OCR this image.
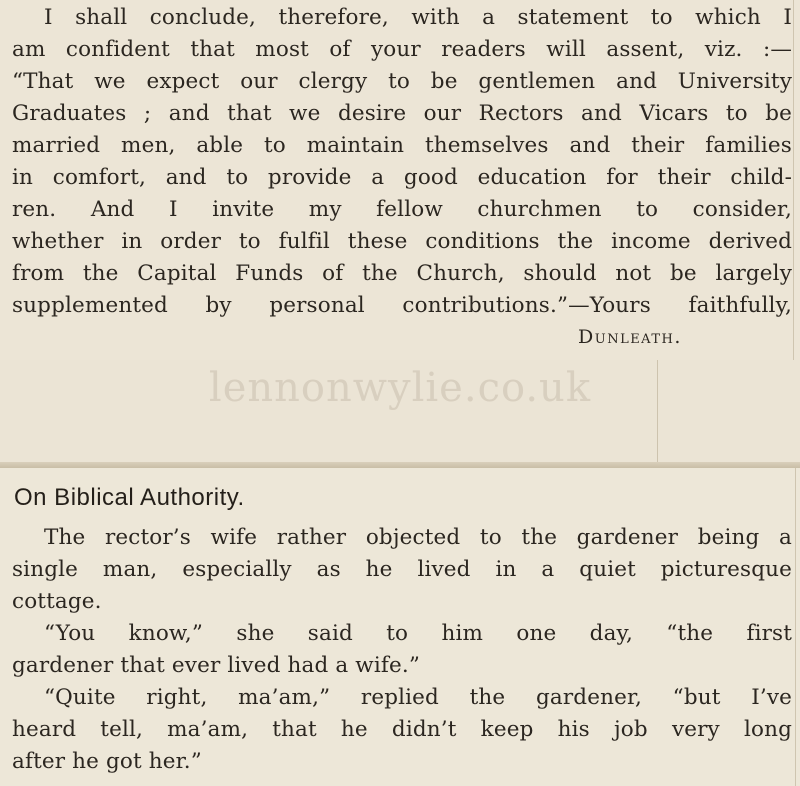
I shall conclude, therefore, with a statement to which I
am confident that most of your readers will assent, viz. :—
“That we expect our clergy to be gentlemen and University
Graduates ; and that we desire our Rectors and Vicars to be
married men, able to maintain themselves and their families
in comfort, and to provide a good education for their child-
ren. And I invite my fellow churchmen to consider,
whether in order to fulfil these conditions the income derived
from the Capital Funds of the Church, should not be largely
supplemented by personal contributions.”—Yours faithfully,
Dunleath.
lennonwylie.co.uk
On Biblical Authority.
The rector’s wife rather objected to the gardener being a
single man, especially as he lived in a quiet picturesque
cottage.
“You know,” she said to him one day, “the first
gardener that ever lived had a wife.”
“Quite right, ma’am,” replied the gardener, “but I’ve
heard tell, ma’am, that he didn’t keep his job very long
after he got her.”
